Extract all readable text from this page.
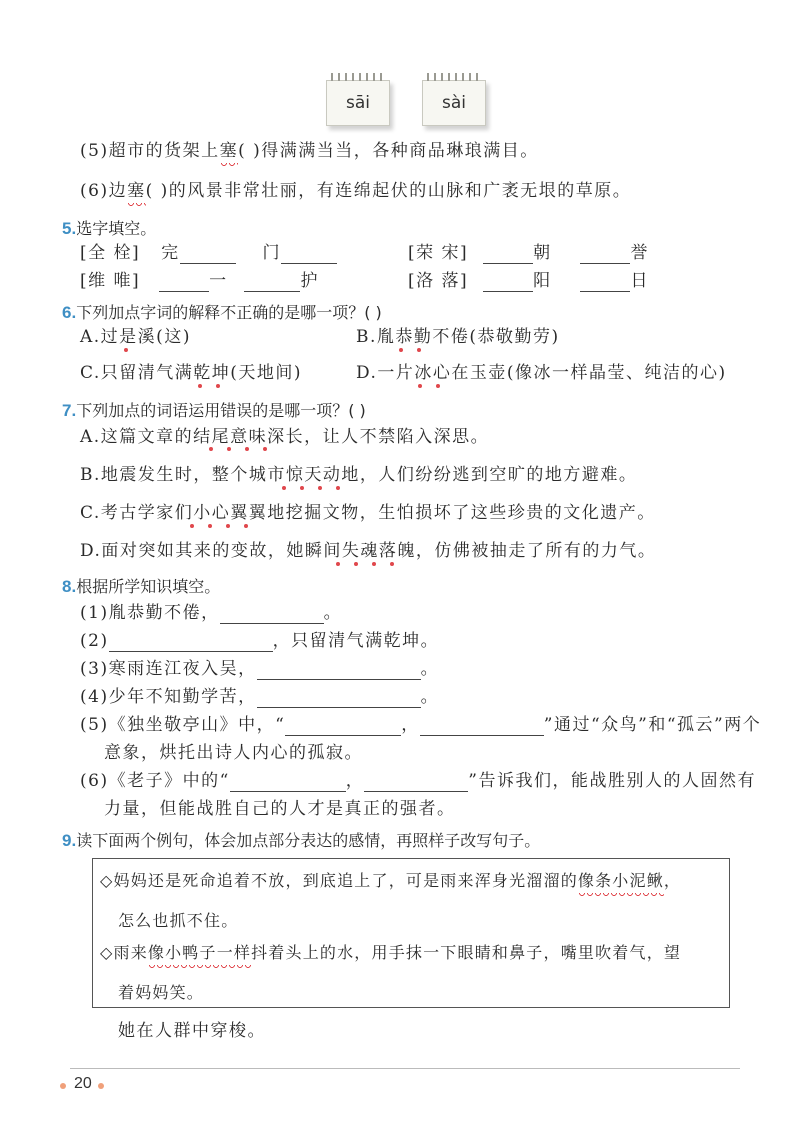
sāi	sài
(5)超市的货架上塞( )得满满当当，各种商品琳琅满目。
(6)边塞( )的风景非常壮丽，有连绵起伏的山脉和广袤无垠的草原。
5.选字填空。
[全 栓] 完	门	[荣 宋]	朝	誉
[维 唯]	一	护	[洛 落]	阳	日
6.下列加点字词的解释不正确的是哪一项？( )
A.过是溪(这)	B.胤恭勤不倦(恭敬勤劳)
C.只留清气满乾坤(天地间)	D.一片冰心在玉壶(像冰一样晶莹、纯洁的心)
7.下列加点的词语运用错误的是哪一项？( )
A.这篇文章的结尾意味深长，让人不禁陷入深思。
B.地震发生时，整个城市惊天动地，人们纷纷逃到空旷的地方避难。
C.考古学家们小心翼翼地挖掘文物，生怕损坏了这些珍贵的文化遗产。
D.面对突如其来的变故，她瞬间失魂落魄，仿佛被抽走了所有的力气。
8.根据所学知识填空。
(1)胤恭勤不倦，	。
(2)	，只留清气满乾坤。
(3)寒雨连江夜入吴，	。
(4)少年不知勤学苦，	。
(5)《独坐敬亭山》中，“	，	”通过“众鸟”和“孤云”两个
意象，烘托出诗人内心的孤寂。
(6)《老子》中的“	，	”告诉我们，能战胜别人的人固然有
力量，但能战胜自己的人才是真正的强者。
9.读下面两个例句，体会加点部分表达的感情，再照样子改写句子。
◇妈妈还是死命追着不放，到底追上了，可是雨来浑身光溜溜的像条小泥鳅，
怎么也抓不住。
◇雨来像小鸭子一样抖着头上的水，用手抹一下眼睛和鼻子，嘴里吹着气，望
着妈妈笑。
她在人群中穿梭。
20
